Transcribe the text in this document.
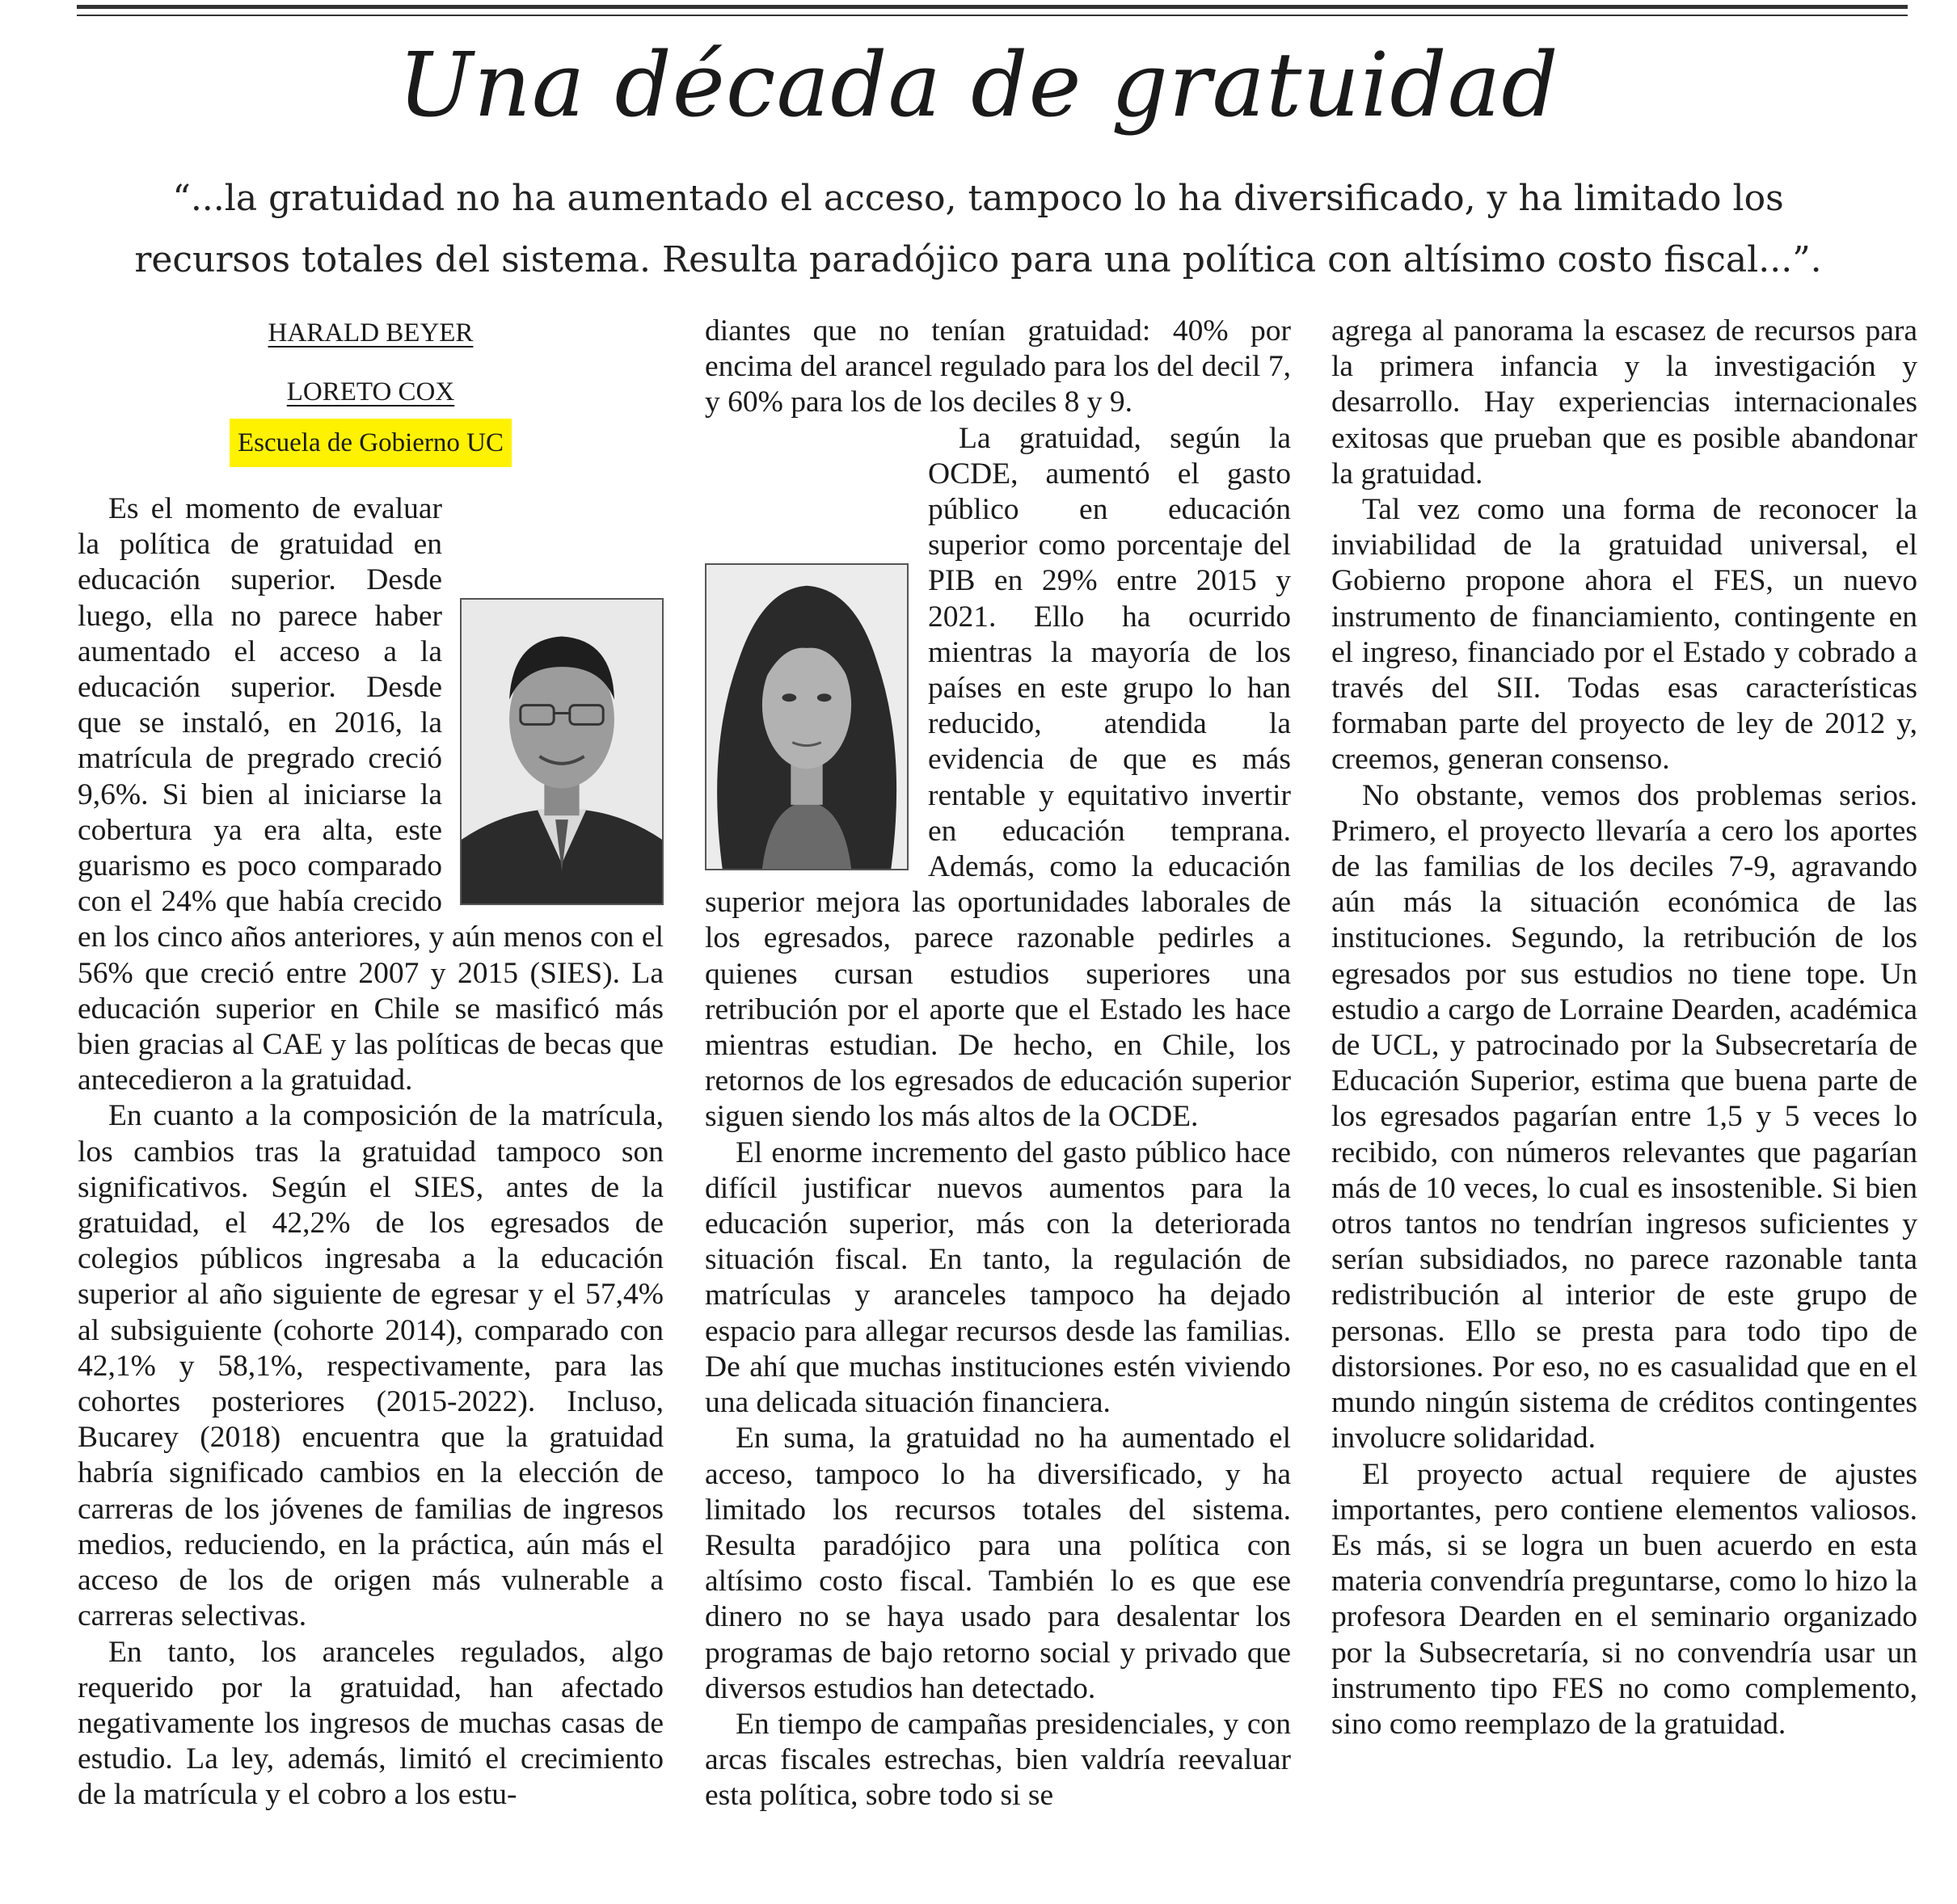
Una década de gratuidad

“...la gratuidad no ha aumentado el acceso, tampoco lo ha diversificado, y ha limitado los recursos totales del sistema. Resulta paradójico para una política con altísimo costo fiscal...”.

HARALD BEYER
LORETO COX
Escuela de Gobierno UC

Es el momento de evaluar la política de gratuidad en educación superior. Desde luego, ella no parece haber aumentado el acceso a la educación superior. Desde que se instaló, en 2016, la matrícula de pregrado creció 9,6%. Si bien al iniciarse la cobertura ya era alta, este guarismo es poco comparado con el 24% que había crecido en los cinco años anteriores, y aún menos con el 56% que creció entre 2007 y 2015 (SIES). La educación superior en Chile se masificó más bien gracias al CAE y las políticas de becas que antecedieron a la gratuidad.

En cuanto a la composición de la matrícula, los cambios tras la gratuidad tampoco son significativos. Según el SIES, antes de la gratuidad, el 42,2% de los egresados de colegios públicos ingresaba a la educación superior al año siguiente de egresar y el 57,4% al subsiguiente (cohorte 2014), comparado con 42,1% y 58,1%, respectivamente, para las cohortes posteriores (2015-2022). Incluso, Bucarey (2018) encuentra que la gratuidad habría significado cambios en la elección de carreras de los jóvenes de familias de ingresos medios, reduciendo, en la práctica, aún más el acceso de los de origen más vulnerable a carreras selectivas.

En tanto, los aranceles regulados, algo requerido por la gratuidad, han afectado negativamente los ingresos de muchas casas de estudio. La ley, además, limitó el crecimiento de la matrícula y el cobro a los estu-

diantes que no tenían gratuidad: 40% por encima del arancel regulado para los del decil 7, y 60% para los de los deciles 8 y 9.

La gratuidad, según la OCDE, aumentó el gasto público en educación superior como porcentaje del PIB en 29% entre 2015 y 2021. Ello ha ocurrido mientras la mayoría de los países en este grupo lo han reducido, atendida la evidencia de que es más rentable y equitativo invertir en educación temprana. Además, como la educación superior mejora las oportunidades laborales de los egresados, parece razonable pedirles a quienes cursan estudios superiores una retribución por el aporte que el Estado les hace mientras estudian. De hecho, en Chile, los retornos de los egresados de educación superior siguen siendo los más altos de la OCDE.

El enorme incremento del gasto público hace difícil justificar nuevos aumentos para la educación superior, más con la deteriorada situación fiscal. En tanto, la regulación de matrículas y aranceles tampoco ha dejado espacio para allegar recursos desde las familias. De ahí que muchas instituciones estén viviendo una delicada situación financiera.

En suma, la gratuidad no ha aumentado el acceso, tampoco lo ha diversificado, y ha limitado los recursos totales del sistema. Resulta paradójico para una política con altísimo costo fiscal. También lo es que ese dinero no se haya usado para desalentar los programas de bajo retorno social y privado que diversos estudios han detectado.

En tiempo de campañas presidenciales, y con arcas fiscales estrechas, bien valdría reevaluar esta política, sobre todo si se

agrega al panorama la escasez de recursos para la primera infancia y la investigación y desarrollo. Hay experiencias internacionales exitosas que prueban que es posible abandonar la gratuidad.

Tal vez como una forma de reconocer la inviabilidad de la gratuidad universal, el Gobierno propone ahora el FES, un nuevo instrumento de financiamiento, contingente en el ingreso, financiado por el Estado y cobrado a través del SII. Todas esas características formaban parte del proyecto de ley de 2012 y, creemos, generan consenso.

No obstante, vemos dos problemas serios. Primero, el proyecto llevaría a cero los aportes de las familias de los deciles 7-9, agravando aún más la situación económica de las instituciones. Segundo, la retribución de los egresados por sus estudios no tiene tope. Un estudio a cargo de Lorraine Dearden, académica de UCL, y patrocinado por la Subsecretaría de Educación Superior, estima que buena parte de los egresados pagarían entre 1,5 y 5 veces lo recibido, con números relevantes que pagarían más de 10 veces, lo cual es insostenible. Si bien otros tantos no tendrían ingresos suficientes y serían subsidiados, no parece razonable tanta redistribución al interior de este grupo de personas. Ello se presta para todo tipo de distorsiones. Por eso, no es casualidad que en el mundo ningún sistema de créditos contingentes involucre solidaridad.

El proyecto actual requiere de ajustes importantes, pero contiene elementos valiosos. Es más, si se logra un buen acuerdo en esta materia convendría preguntarse, como lo hizo la profesora Dearden en el seminario organizado por la Subsecretaría, si no convendría usar un instrumento tipo FES no como complemento, sino como reemplazo de la gratuidad.
